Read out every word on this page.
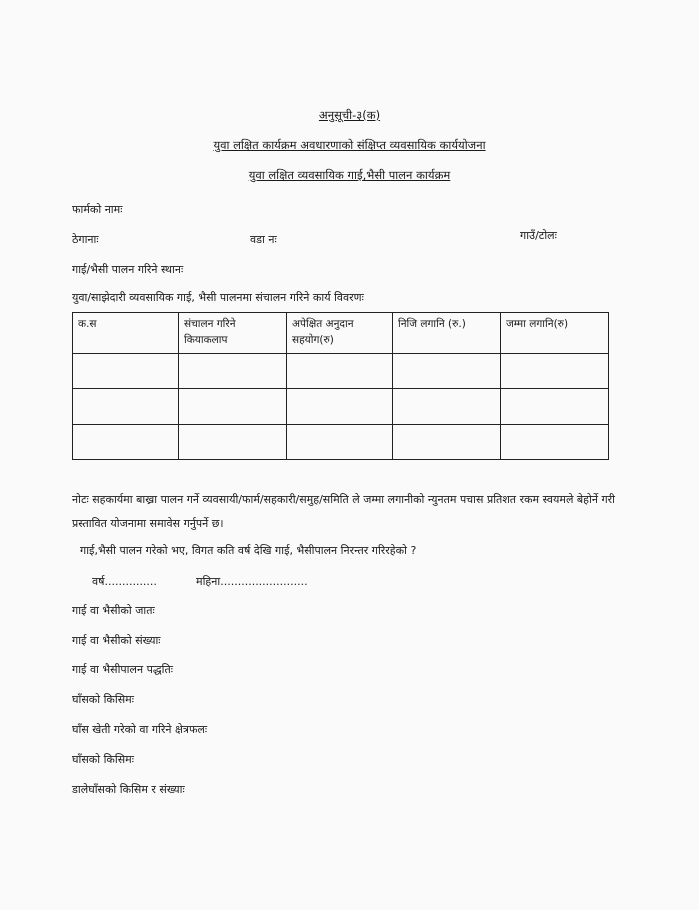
अनुसूची-३(क)
युवा लक्षित कार्यक्रम अवधारणाको संक्षिप्त व्यवसायिक कार्ययोजना
युवा लक्षित व्यवसायिक गाई,भैसी पालन कार्यक्रम
फार्मको नामः
ठेगानाः	वडा नः	गाउँ/टोलः
गाई/भैसी पालन गरिने स्थानः
युवा/साझेदारी व्यवसायिक गाई, भैसी पालनमा संचालन गरिने कार्य विवरणः
क.स	संचालन गरिने कियाकलाप	अपेक्षित अनुदान सहयोग(रु)	निजि लगानि (रु.)	जम्मा लगानि(रु)

नोटः सहकार्यमा बाख्रा पालन गर्ने व्यवसायी/फार्म/सहकारी/समुह/समिति ले जम्मा लगानीको न्युनतम पचास प्रतिशत रकम स्वयमले बेहोर्ने गरी प्रस्तावित योजनामा समावेस गर्नुपर्ने छ।
गाई,भैसी पालन गरेको भए, विगत कति वर्ष देखि गाई, भैसीपालन निरन्तर गरिरहेको ?
वर्ष...............	महिना.........................
गाई वा भैसीको जातः
गाई वा भैसीको संख्याः
गाई वा भैसीपालन पद्धतिः
घाँसको किसिमः
घाँस खेती गरेको वा गरिने क्षेत्रफलः
घाँसको किसिमः
डालेघाँसको किसिम र संख्याः
